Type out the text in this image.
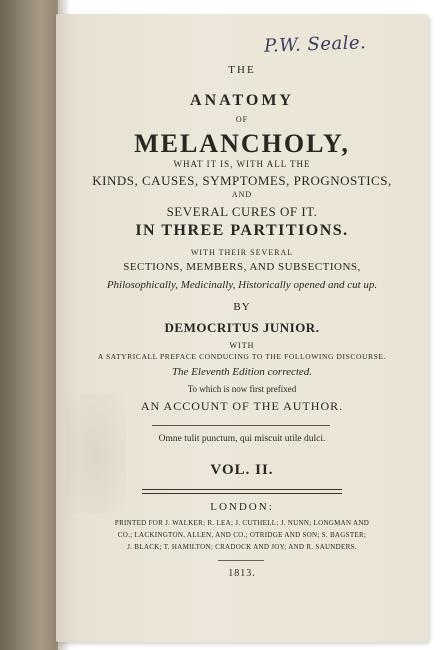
P.W. Seale.
THE
ANATOMY
OF
MELANCHOLY,
WHAT IT IS, WITH ALL THE
KINDS, CAUSES, SYMPTOMES, PROGNOSTICS,
AND
SEVERAL CURES OF IT.
IN THREE PARTITIONS.
WITH THEIR SEVERAL
SECTIONS, MEMBERS, AND SUBSECTIONS,
Philosophically, Medicinally, Historically opened and cut up.
BY
DEMOCRITUS JUNIOR.
WITH
A SATYRICALL PREFACE CONDUCING TO THE FOLLOWING DISCOURSE.
The Eleventh Edition corrected.
To which is now first prefixed
AN ACCOUNT OF THE AUTHOR.
Omne tulit punctum, qui miscuit utile dulci.
VOL. II.
LONDON:
PRINTED FOR J. WALKER; R. LEA; J. CUTHELL; J. NUNN; LONGMAN AND
CO.; LACKINGTON, ALLEN, AND CO.; OTRIDGE AND SON; S. BAGSTER;
J. BLACK; T. HAMILTON; CRADOCK AND JOY; AND R. SAUNDERS.
1813.
